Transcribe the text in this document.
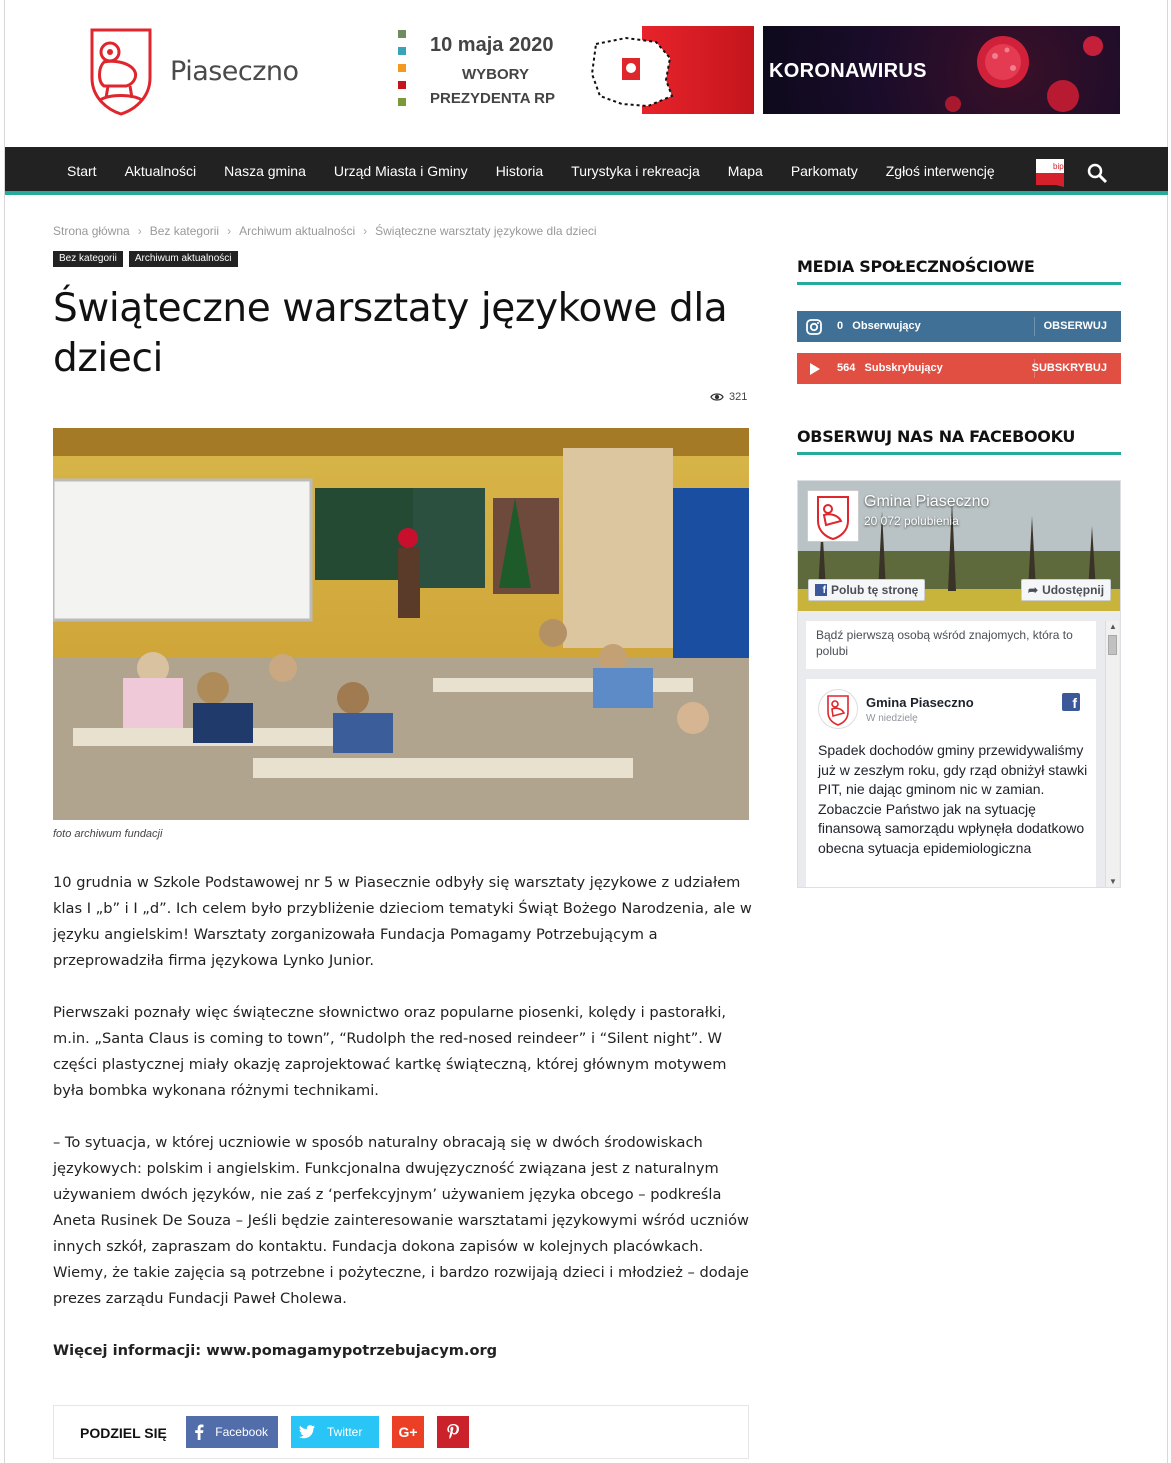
Piaseczno
10 maja 2020
WYBORY
PREZYDENTA RP
KORONAWIRUS
Start	Aktualności	Nasza gmina	Urząd Miasta i Gminy	Historia	Turystyka i rekreacja	Mapa	Parkomaty	Zgłoś interwencję	bip
Strona główna › Bez kategorii › Archiwum aktualności › Świąteczne warsztaty językowe dla dzieci
Bez kategorii	Archiwum aktualności
Świąteczne warsztaty językowe dla dzieci
321
foto archiwum fundacji

10 grudnia w Szkole Podstawowej nr 5 w Piasecznie odbyły się warsztaty językowe z udziałem klas I „b” i I „d”. Ich celem było przybliżenie dzieciom tematyki Świąt Bożego Narodzenia, ale w języku angielskim! Warsztaty zorganizowała Fundacja Pomagamy Potrzebującym a przeprowadziła firma językowa Lynko Junior.

Pierwszaki poznały więc świąteczne słownictwo oraz popularne piosenki, kolędy i pastorałki, m.in. „Santa Claus is coming to town”, “Rudolph the red-nosed reindeer” i “Silent night”. W części plastycznej miały okazję zaprojektować kartkę świąteczną, której głównym motywem była bombka wykonana różnymi technikami.

– To sytuacja, w której uczniowie w sposób naturalny obracają się w dwóch środowiskach językowych: polskim i angielskim. Funkcjonalna dwujęzyczność związana jest z naturalnym używaniem dwóch języków, nie zaś z ‘perfekcyjnym’ używaniem języka obcego – podkreśla Aneta Rusinek De Souza – Jeśli będzie zainteresowanie warsztatami językowymi wśród uczniów innych szkół, zapraszam do kontaktu. Fundacja dokona zapisów w kolejnych placówkach. Wiemy, że takie zajęcia są potrzebne i pożyteczne, i bardzo rozwijają dzieci i młodzież – dodaje prezes zarządu Fundacji Paweł Cholewa.

Więcej informacji: www.pomagamypotrzebujacym.org

PODZIEL SIĘ	Facebook	Twitter	G+
MEDIA SPOŁECZNOŚCIOWE
0 Obserwujący	OBSERWUJ
564 Subskrybujący	SUBSKRYBUJ
OBSERWUJ NAS NA FACEBOOKU
Gmina Piaseczno
20 072 polubienia
f Polub tę stronę	➦ Udostępnij
Bądź pierwszą osobą wśród znajomych, która to polubi
Gmina Piaseczno
W niedzielę
f
Spadek dochodów gminy przewidywaliśmy już w zeszłym roku, gdy rząd obniżył stawki PIT, nie dając gminom nic w zamian. Zobaczcie Państwo jak na sytuację finansową samorządu wpłynęła dodatkowo obecna sytuacja epidemiologiczna
▲
▼
